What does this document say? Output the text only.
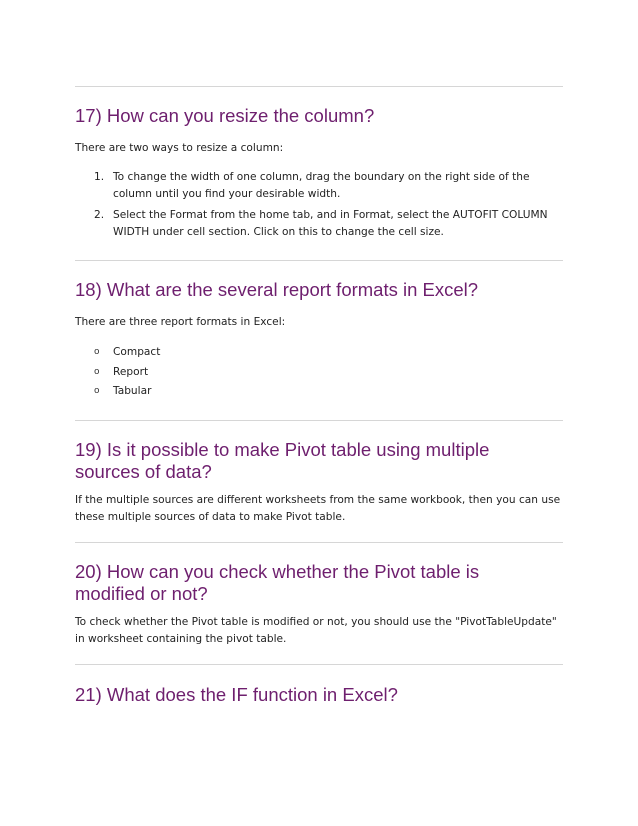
17) How can you resize the column?

There are two ways to resize a column:

1. To change the width of one column, drag the boundary on the right side of the column until you find your desirable width.
2. Select the Format from the home tab, and in Format, select the AUTOFIT COLUMN WIDTH under cell section. Click on this to change the cell size.
18) What are the several report formats in Excel?

There are three report formats in Excel:

o Compact
o Report
o Tabular
19) Is it possible to make Pivot table using multiple sources of data?

If the multiple sources are different worksheets from the same workbook, then you can use these multiple sources of data to make Pivot table.

20) How can you check whether the Pivot table is modified or not?

To check whether the Pivot table is modified or not, you should use the "PivotTableUpdate" in worksheet containing the pivot table.

21) What does the IF function in Excel?
